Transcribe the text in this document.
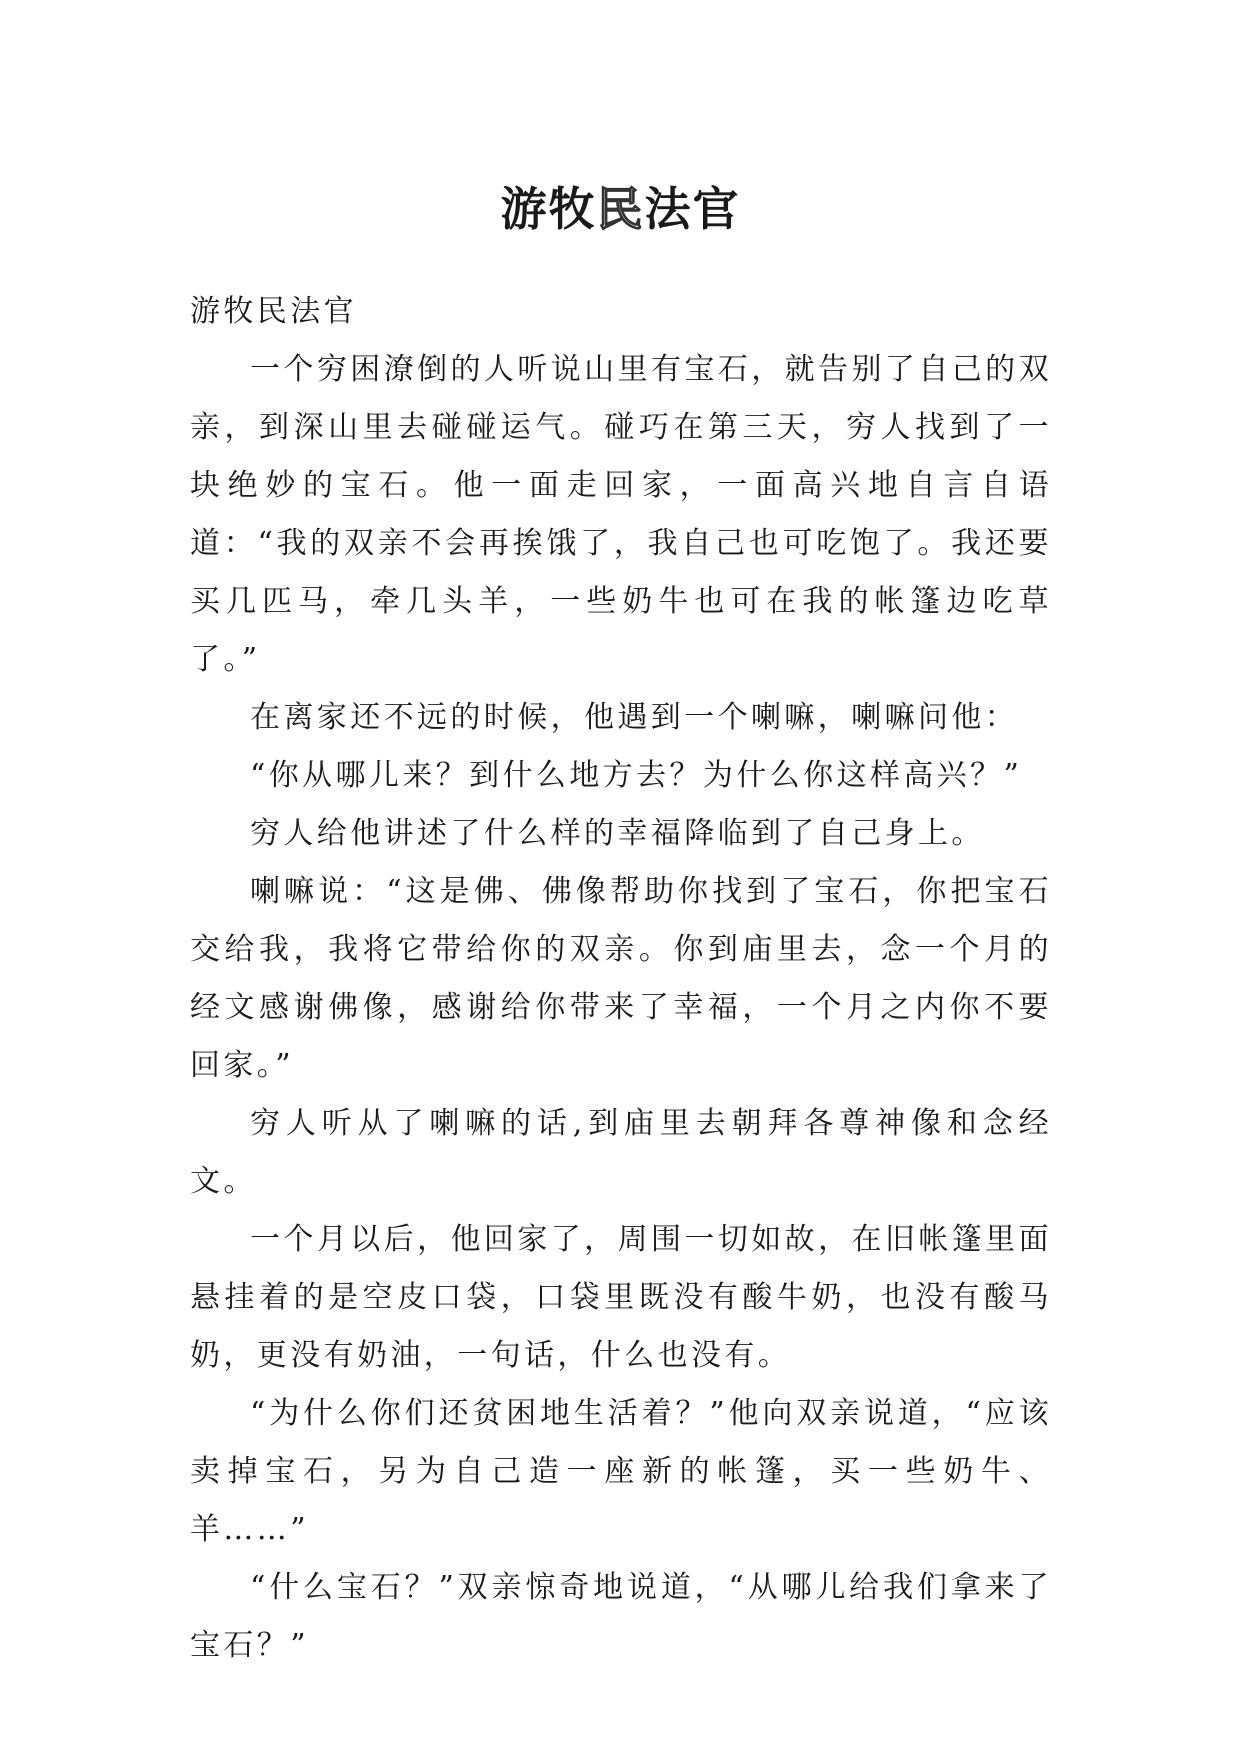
游牧民法官

游牧民法官

一个穷困潦倒的人听说山里有宝石，就告别了自己的双亲，到深山里去碰碰运气。碰巧在第三天，穷人找到了一块绝妙的宝石。他一面走回家，一面高兴地自言自语道：“我的双亲不会再挨饿了，我自己也可吃饱了。我还要买几匹马，牵几头羊，一些奶牛也可在我的帐篷边吃草了。”

在离家还不远的时候，他遇到一个喇嘛，喇嘛问他：

“你从哪儿来？到什么地方去？为什么你这样高兴？”

穷人给他讲述了什么样的幸福降临到了自己身上。

喇嘛说：“这是佛、佛像帮助你找到了宝石，你把宝石交给我，我将它带给你的双亲。你到庙里去，念一个月的经文感谢佛像，感谢给你带来了幸福，一个月之内你不要回家。”

穷人听从了喇嘛的话,到庙里去朝拜各尊神像和念经文。

一个月以后，他回家了，周围一切如故，在旧帐篷里面悬挂着的是空皮口袋，口袋里既没有酸牛奶，也没有酸马奶，更没有奶油，一句话，什么也没有。

“为什么你们还贫困地生活着？”他向双亲说道，“应该卖掉宝石，另为自己造一座新的帐篷，买一些奶牛、羊……”

“什么宝石？”双亲惊奇地说道，“从哪儿给我们拿来了宝石？”
